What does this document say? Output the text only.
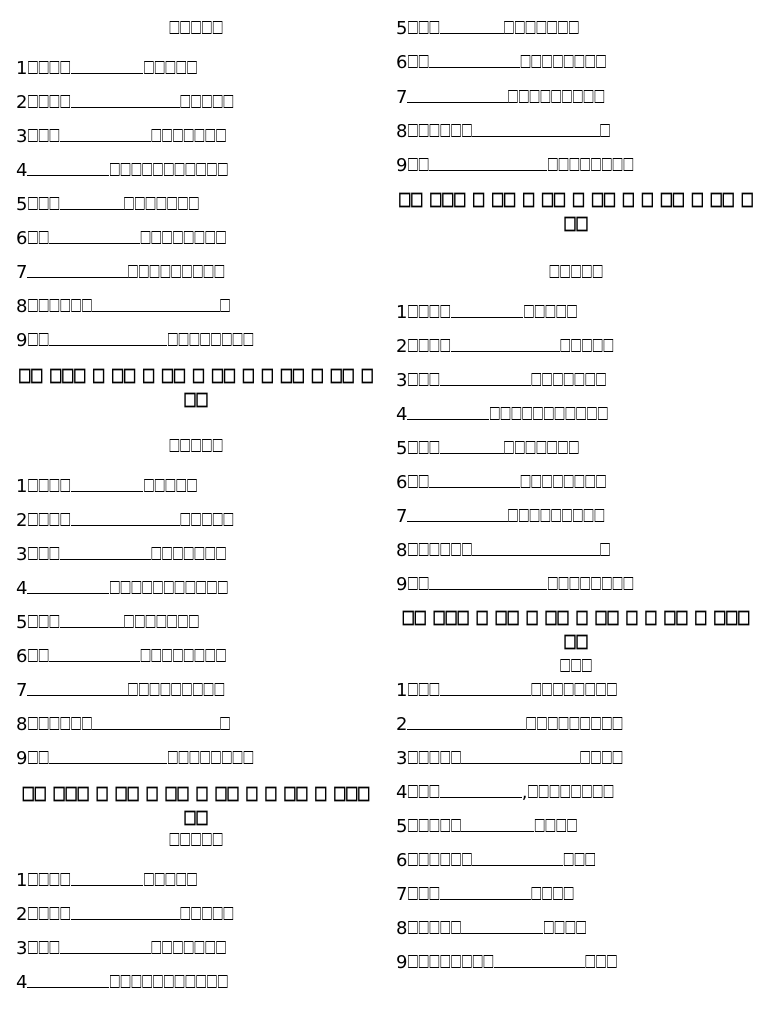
⎕⎕⎕⎕⎕
1⎕⎕⎕⎕	⎕⎕⎕⎕⎕
2⎕⎕⎕⎕	⎕⎕⎕⎕⎕
3⎕⎕⎕	⎕⎕⎕⎕⎕⎕⎕
4	⎕⎕⎕⎕⎕⎕⎕⎕⎕⎕⎕
5⎕⎕⎕	⎕⎕⎕⎕⎕⎕⎕
6⎕⎕	⎕⎕⎕⎕⎕⎕⎕⎕
7	⎕⎕⎕⎕⎕⎕⎕⎕⎕
8⎕⎕⎕⎕⎕⎕	⎕
9⎕⎕	⎕⎕⎕⎕⎕⎕⎕⎕
⎕⎕ ⎕⎕⎕ ⎕ ⎕⎕ ⎕ ⎕⎕ ⎕ ⎕⎕ ⎕ ⎕ ⎕⎕ ⎕ ⎕⎕ ⎕ ⎕⎕
⎕⎕⎕⎕⎕
1⎕⎕⎕⎕	⎕⎕⎕⎕⎕
2⎕⎕⎕⎕	⎕⎕⎕⎕⎕
3⎕⎕⎕	⎕⎕⎕⎕⎕⎕⎕
4	⎕⎕⎕⎕⎕⎕⎕⎕⎕⎕⎕
5⎕⎕⎕	⎕⎕⎕⎕⎕⎕⎕
6⎕⎕	⎕⎕⎕⎕⎕⎕⎕⎕
7	⎕⎕⎕⎕⎕⎕⎕⎕⎕
8⎕⎕⎕⎕⎕⎕	⎕
9⎕⎕	⎕⎕⎕⎕⎕⎕⎕⎕
⎕⎕ ⎕⎕⎕ ⎕ ⎕⎕ ⎕ ⎕⎕ ⎕ ⎕⎕ ⎕ ⎕ ⎕⎕ ⎕ ⎕⎕⎕ ⎕⎕
⎕⎕⎕⎕⎕
1⎕⎕⎕⎕	⎕⎕⎕⎕⎕
2⎕⎕⎕⎕	⎕⎕⎕⎕⎕
3⎕⎕⎕	⎕⎕⎕⎕⎕⎕⎕
4	⎕⎕⎕⎕⎕⎕⎕⎕⎕⎕⎕
5⎕⎕⎕	⎕⎕⎕⎕⎕⎕⎕
6⎕⎕	⎕⎕⎕⎕⎕⎕⎕⎕
7	⎕⎕⎕⎕⎕⎕⎕⎕⎕
8⎕⎕⎕⎕⎕⎕	⎕
9⎕⎕	⎕⎕⎕⎕⎕⎕⎕⎕
⎕⎕ ⎕⎕⎕ ⎕ ⎕⎕ ⎕ ⎕⎕ ⎕ ⎕⎕ ⎕ ⎕ ⎕⎕ ⎕ ⎕⎕ ⎕ ⎕⎕
⎕⎕⎕⎕⎕
1⎕⎕⎕⎕	⎕⎕⎕⎕⎕
2⎕⎕⎕⎕	⎕⎕⎕⎕⎕
3⎕⎕⎕	⎕⎕⎕⎕⎕⎕⎕
4	⎕⎕⎕⎕⎕⎕⎕⎕⎕⎕⎕
5⎕⎕⎕	⎕⎕⎕⎕⎕⎕⎕
6⎕⎕	⎕⎕⎕⎕⎕⎕⎕⎕
7	⎕⎕⎕⎕⎕⎕⎕⎕⎕
8⎕⎕⎕⎕⎕⎕	⎕
9⎕⎕	⎕⎕⎕⎕⎕⎕⎕⎕
⎕⎕ ⎕⎕⎕ ⎕ ⎕⎕ ⎕ ⎕⎕ ⎕ ⎕⎕ ⎕ ⎕ ⎕⎕ ⎕ ⎕⎕⎕ ⎕⎕
⎕⎕⎕
1⎕⎕⎕	⎕⎕⎕⎕⎕⎕⎕⎕
2	⎕⎕⎕⎕⎕⎕⎕⎕⎕
3⎕⎕⎕⎕⎕	⎕⎕⎕⎕
4⎕⎕⎕	,⎕⎕⎕⎕⎕⎕⎕⎕
5⎕⎕⎕⎕⎕	⎕⎕⎕⎕
6⎕⎕⎕⎕⎕⎕	⎕⎕⎕
7⎕⎕⎕	⎕⎕⎕⎕
8⎕⎕⎕⎕⎕	⎕⎕⎕⎕
9⎕⎕⎕⎕⎕⎕⎕⎕	⎕⎕⎕
